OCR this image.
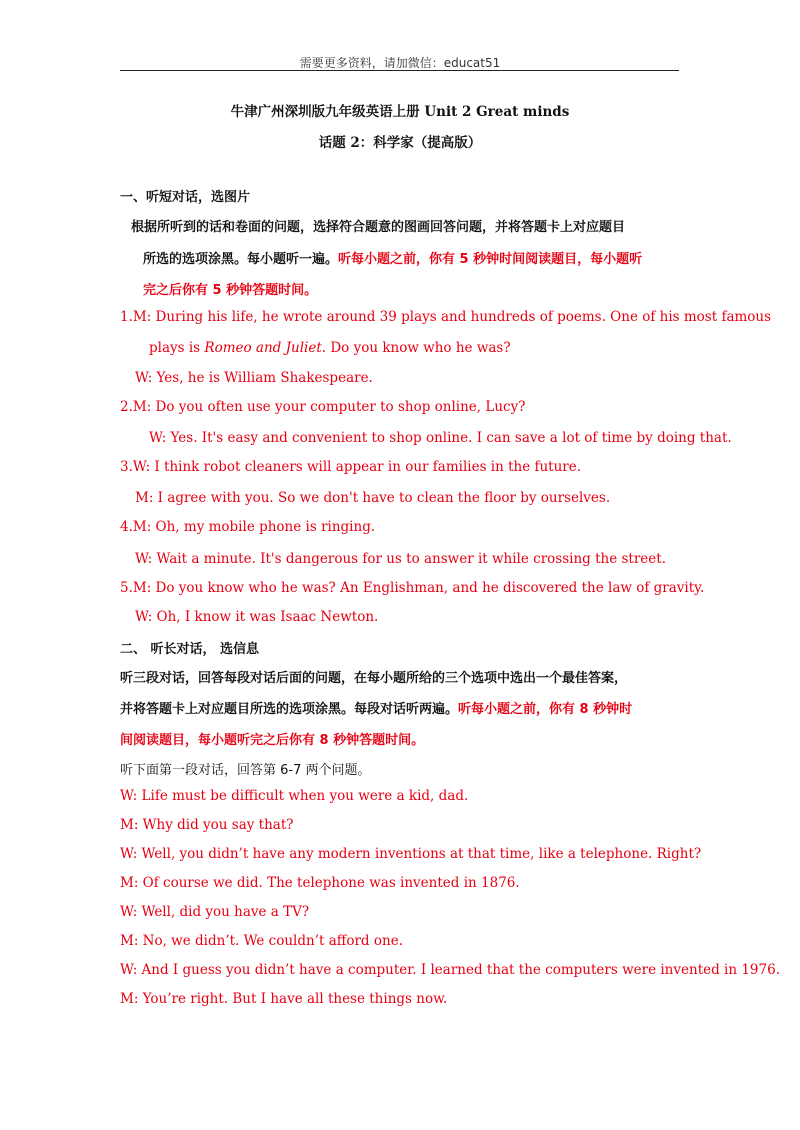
需要更多资料，请加微信：educat51
牛津广州深圳版九年级英语上册 Unit 2 Great minds
话题 2：科学家（提高版）
一、听短对话，选图片
根据所听到的话和卷面的问题，选择符合题意的图画回答问题，并将答题卡上对应题目
所选的选项涂黑。每小题听一遍。听每小题之前，你有 5 秒钟时间阅读题目，每小题听
完之后你有 5 秒钟答题时间。
1.M: During his life, he wrote around 39 plays and hundreds of poems. One of his most famous
plays is Romeo and Juliet. Do you know who he was?
W: Yes, he is William Shakespeare.
2.M: Do you often use your computer to shop online, Lucy?
W: Yes. It's easy and convenient to shop online. I can save a lot of time by doing that.
3.W: I think robot cleaners will appear in our families in the future.
M: I agree with you. So we don't have to clean the floor by ourselves.
4.M: Oh, my mobile phone is ringing.
W: Wait a minute. It's dangerous for us to answer it while crossing the street.
5.M: Do you know who he was? An Englishman, and he discovered the law of gravity.
W: Oh, I know it was Isaac Newton.
二、 听长对话， 选信息
听三段对话，回答每段对话后面的问题，在每小题所给的三个选项中选出一个最佳答案，
并将答题卡上对应题目所选的选项涂黑。每段对话听两遍。听每小题之前，你有 8 秒钟时
间阅读题目，每小题听完之后你有 8 秒钟答题时间。
听下面第一段对话，回答第 6-7 两个问题。
W: Life must be difficult when you were a kid, dad.
M: Why did you say that?
W: Well, you didn’t have any modern inventions at that time, like a telephone. Right?
M: Of course we did. The telephone was invented in 1876.
W: Well, did you have a TV?
M: No, we didn’t. We couldn’t afford one.
W: And I guess you didn’t have a computer. I learned that the computers were invented in 1976.
M: You’re right. But I have all these things now.
